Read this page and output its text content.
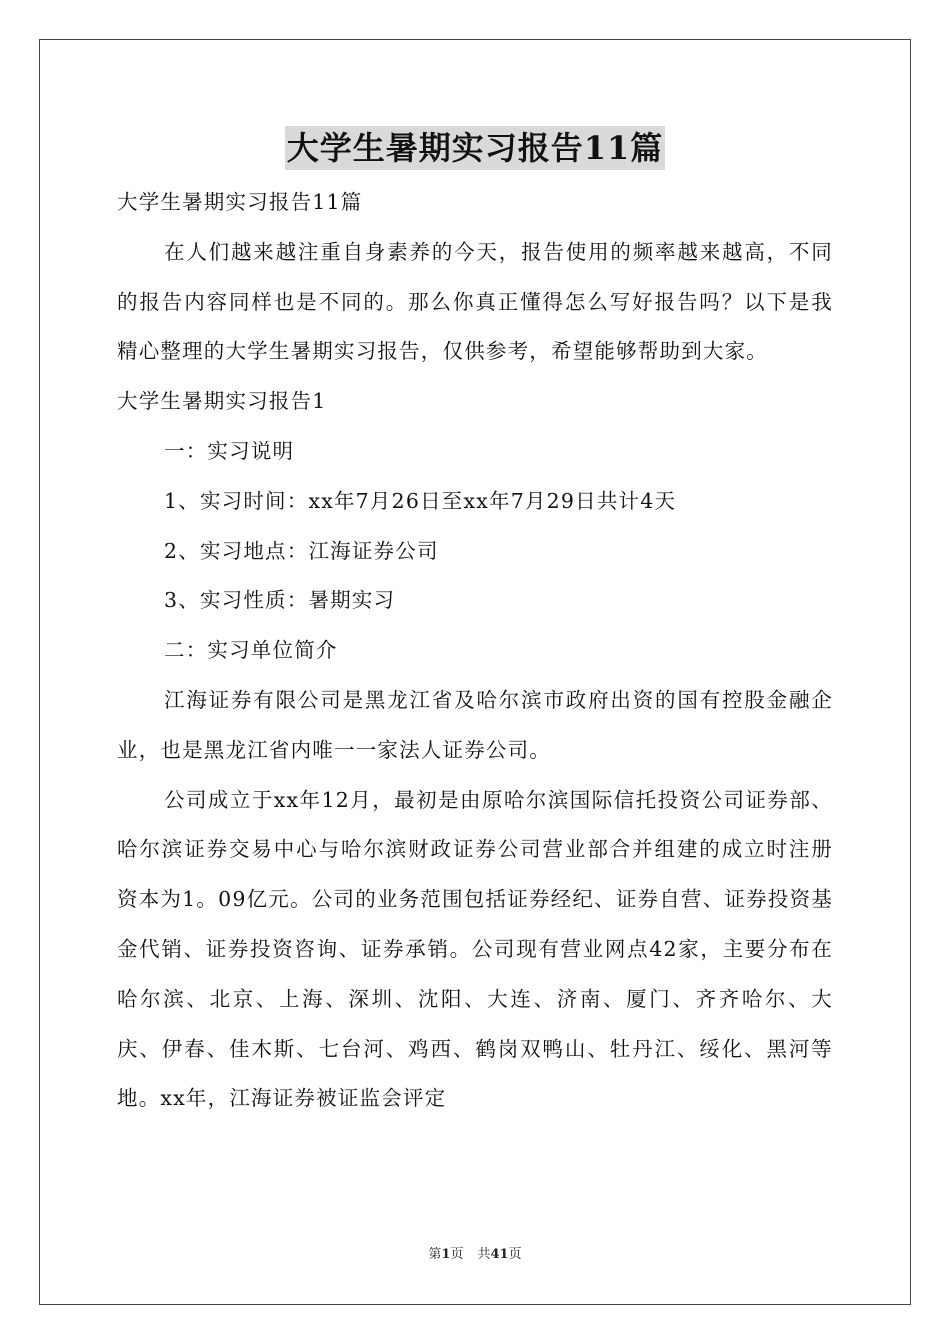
大学生暑期实习报告11篇

大学生暑期实习报告11篇

在人们越来越注重自身素养的今天，报告使用的频率越来越高，不同的报告内容同样也是不同的。那么你真正懂得怎么写好报告吗？以下是我精心整理的大学生暑期实习报告，仅供参考，希望能够帮助到大家。

大学生暑期实习报告1

一：实习说明

1、实习时间：xx年7月26日至xx年7月29日共计4天

2、实习地点：江海证券公司

3、实习性质：暑期实习

二：实习单位简介

江海证券有限公司是黑龙江省及哈尔滨市政府出资的国有控股金融企业，也是黑龙江省内唯一一家法人证券公司。

公司成立于xx年12月，最初是由原哈尔滨国际信托投资公司证券部、哈尔滨证券交易中心与哈尔滨财政证券公司营业部合并组建的成立时注册资本为1。09亿元。公司的业务范围包括证券经纪、证券自营、证券投资基金代销、证券投资咨询、证券承销。公司现有营业网点42家，主要分布在哈尔滨、北京、上海、深圳、沈阳、大连、济南、厦门、齐齐哈尔、大庆、伊春、佳木斯、七台河、鸡西、鹤岗双鸭山、牡丹江、绥化、黑河等地。xx年，江海证券被证监会评定

第1页 共41页
